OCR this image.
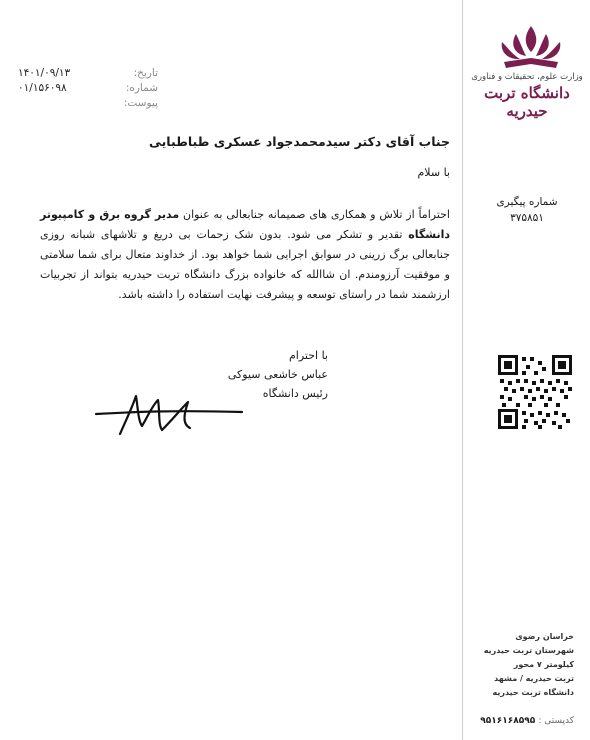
تاریخ:
۱۴۰۱/۰۹/۱۳
شماره:
۰۱/۱۵۶۰۹۸
پیوست:
وزارت علوم، تحقیقات و فناوری
دانشگاه تربت حیدریه
جناب آقای دکتر سیدمحمدجواد عسکری طباطبایی
با سلام
احتراماً از تلاش و همکاری های صمیمانه جنابعالی به عنوان مدیر گروه برق و کامپیوتر دانشگاه تقدیر و تشکر می شود. بدون شک زحمات بی دریغ و تلاشهای شبانه روزی جنابعالی برگ زرینی در سوابق اجرایی شما خواهد بود. از خداوند متعال برای شما سلامتی و موفقیت آرزومندم. ان شاالله که خانواده بزرگ دانشگاه تربت حیدریه بتواند از تجربیات ارزشمند شما در راستای توسعه و پیشرفت نهایت استفاده را داشته باشد.
با احترام
عباس خاشعی سیوکی
رئیس دانشگاه
شماره پیگیری
۳۷۵۸۵۱
خراسان رضوی
شهرستان تربت حیدریه
کیلومتر ۷ محور
تربت حیدریه / مشهد
دانشگاه تربت حیدریه
کدپستی : ۹۵۱۶۱۶۸۵۹۵
